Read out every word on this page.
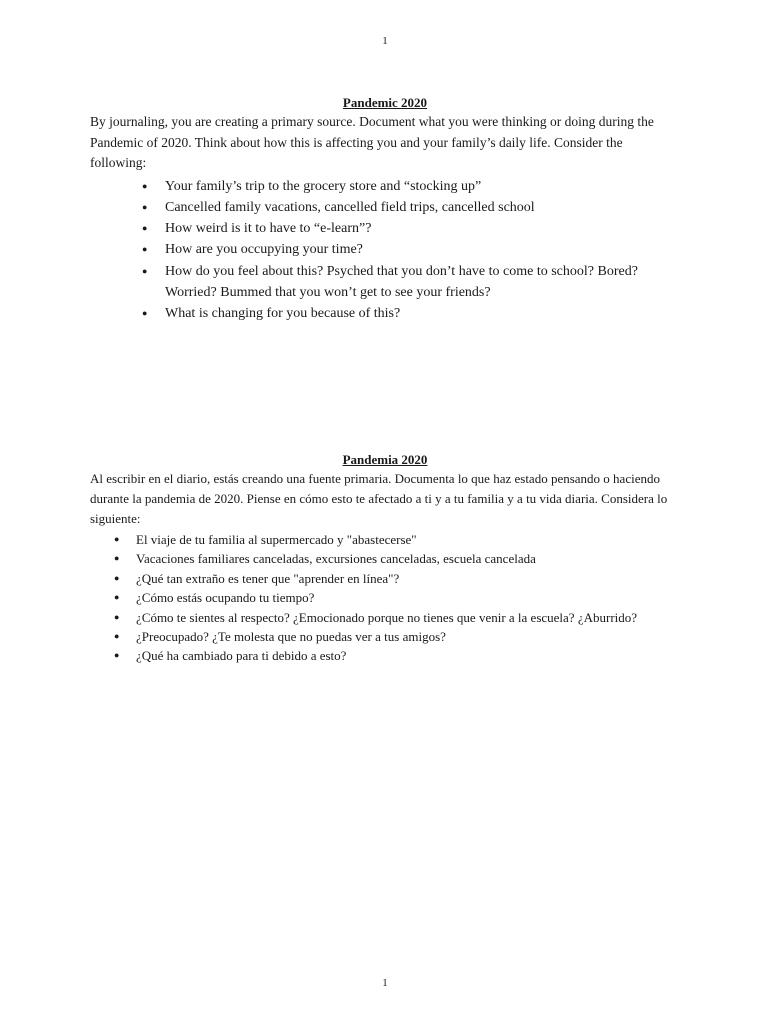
1
Pandemic 2020

By journaling, you are creating a primary source. Document what you were thinking or doing during the Pandemic of 2020. Think about how this is affecting you and your family’s daily life. Consider the following:

● Your family’s trip to the grocery store and “stocking up”
● Cancelled family vacations, cancelled field trips, cancelled school
● How weird is it to have to “e-learn”?
● How are you occupying your time?
● How do you feel about this? Psyched that you don’t have to come to school? Bored? Worried? Bummed that you won’t get to see your friends?
● What is changing for you because of this?
Pandemia 2020

Al escribir en el diario, estás creando una fuente primaria. Documenta lo que haz estado pensando o haciendo durante la pandemia de 2020. Piense en cómo esto te afectado a ti y a tu familia y a tu vida diaria. Considera lo siguiente:

● El viaje de tu familia al supermercado y "abastecerse"
● Vacaciones familiares canceladas, excursiones canceladas, escuela cancelada
● ¿Qué tan extraño es tener que "aprender en línea"?
● ¿Cómo estás ocupando tu tiempo?
● ¿Cómo te sientes al respecto? ¿Emocionado porque no tienes que venir a la escuela? ¿Aburrido?
● ¿Preocupado? ¿Te molesta que no puedas ver a tus amigos?
● ¿Qué ha cambiado para ti debido a esto?
1
